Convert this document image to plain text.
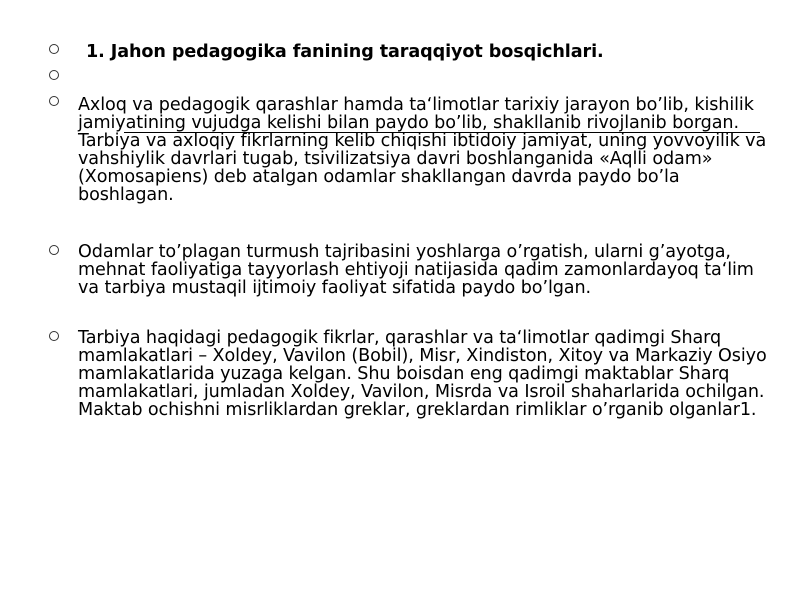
1. Jahon pedagogika fanining taraqqiyot bosqichlari.
Axloq va pedagogik qarashlar hamda ta‘limotlar tarixiy jarayon bo’lib, kishilik jamiyatining vujudga kelishi bilan paydo bo’lib, shakllanib rivojlanib borgan. Tarbiya va axloqiy fikrlarning kelib chiqishi ibtidoiy jamiyat, uning yovvoyilik va vahshiylik davrlari tugab, tsivilizatsiya davri boshlanganida «Aqlli odam» (Xomosapiens) deb atalgan odamlar shakllangan davrda paydo bo’la boshlagan.
Odamlar to’plagan turmush tajribasini yoshlarga o’rgatish, ularni g’ayotga, mehnat faoliyatiga tayyorlash ehtiyoji natijasida qadim zamonlardayoq ta‘lim va tarbiya mustaqil ijtimoiy faoliyat sifatida paydo bo’lgan.
Tarbiya haqidagi pedagogik fikrlar, qarashlar va ta‘limotlar qadimgi Sharq mamlakatlari – Xoldey, Vavilon (Bobil), Misr, Xindiston, Xitoy va Markaziy Osiyo mamlakatlarida yuzaga kelgan. Shu boisdan eng qadimgi maktablar Sharq mamlakatlari, jumladan Xoldey, Vavilon, Misrda va Isroil shaharlarida ochilgan. Maktab ochishni misrliklardan greklar, greklardan rimliklar o’rganib olganlar1.
